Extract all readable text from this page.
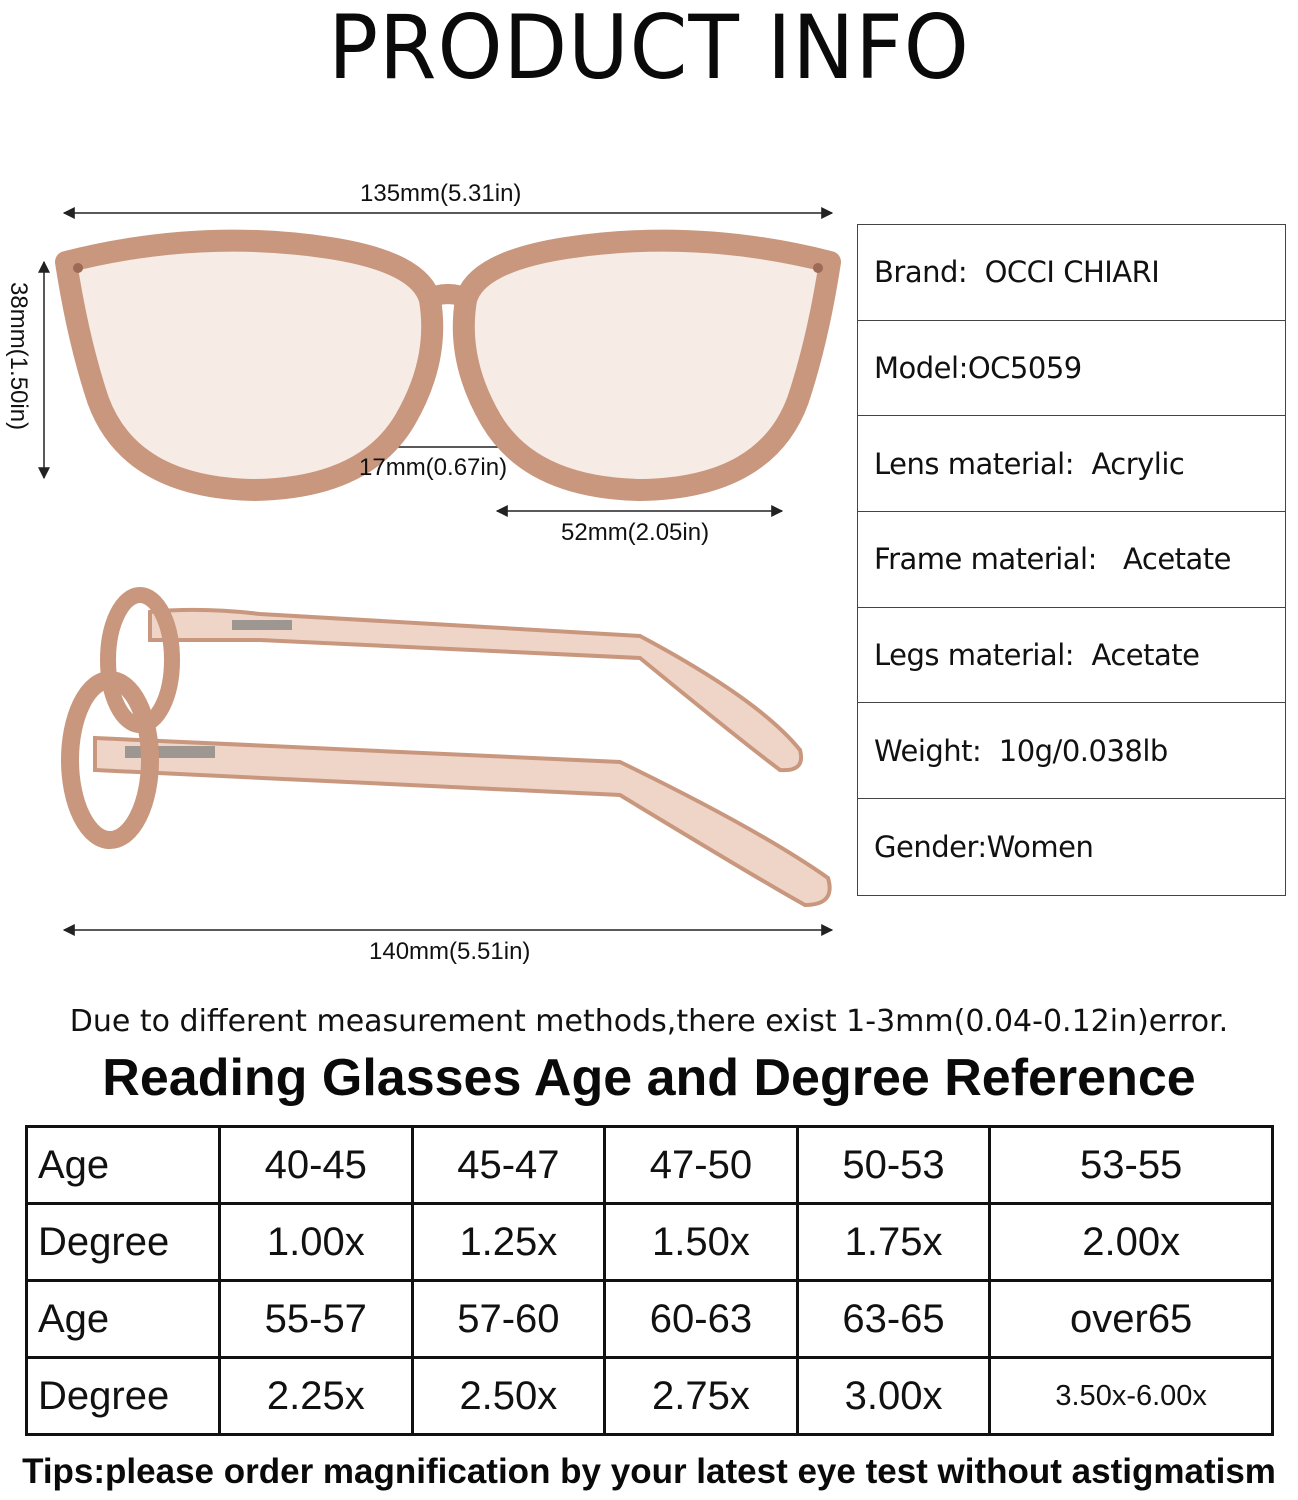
PRODUCT INFO
135mm(5.31in)
38mm(1.50in)
17mm(0.67in)
52mm(2.05in)
140mm(5.51in)
Brand:
OCCI CHIARI
Model: OC5059
Lens material:
Acrylic
Frame material:
Acetate
Legs material:
Acetate
Weight:
10g/0.038lb
Gender: Women
Due to different measurement methods,there exist 1-3mm(0.04-0.12in)error.
Reading Glasses Age and Degree Reference
Age	40-45	45-47	47-50	50-53	53-55
Degree	1.00x	1.25x	1.50x	1.75x	2.00x
Age	55-57	57-60	60-63	63-65	over65
Degree	2.25x	2.50x	2.75x	3.00x	3.50x-6.00x
Tips:please order magnification by your latest eye test without astigmatism
